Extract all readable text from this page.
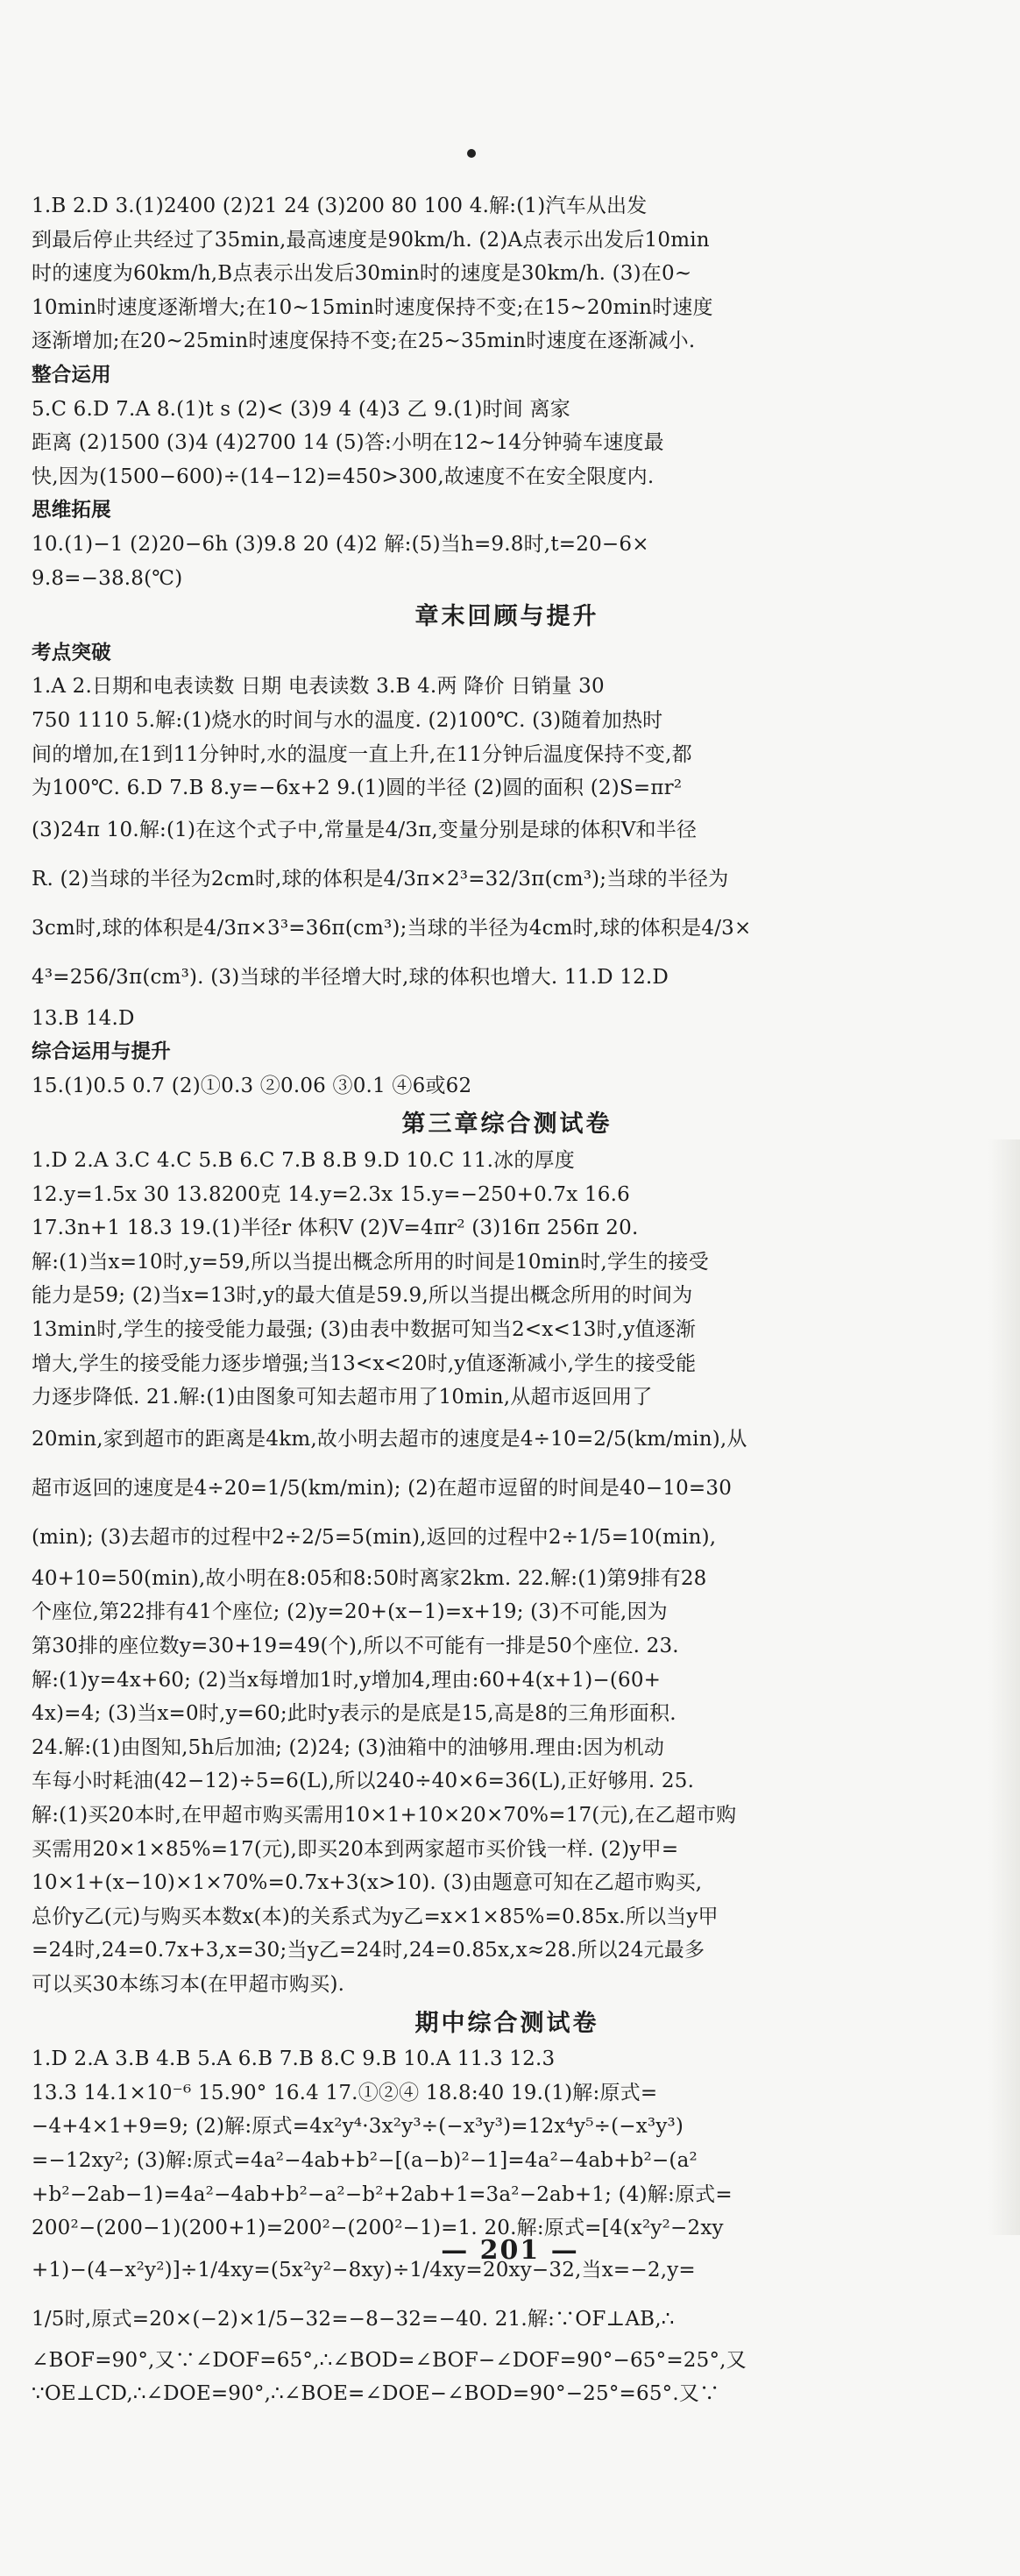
1.B 2.D 3.(1)2400 (2)21 24 (3)200 80 100 4.解:(1)汽车从出发
到最后停止共经过了35min,最高速度是90km/h. (2)A点表示出发后10min
时的速度为60km/h,B点表示出发后30min时的速度是30km/h. (3)在0~
10min时速度逐渐增大;在10~15min时速度保持不变;在15~20min时速度
逐渐增加;在20~25min时速度保持不变;在25~35min时速度在逐渐减小.
整合运用
5.C 6.D 7.A 8.(1)t s (2)< (3)9 4 (4)3 乙 9.(1)时间 离家
距离 (2)1500 (3)4 (4)2700 14 (5)答:小明在12~14分钟骑车速度最
快,因为(1500−600)÷(14−12)=450>300,故速度不在安全限度内.
思维拓展
10.(1)−1 (2)20−6h (3)9.8 20 (4)2 解:(5)当h=9.8时,t=20−6×
9.8=−38.8(℃)
章末回顾与提升
考点突破
1.A 2.日期和电表读数 日期 电表读数 3.B 4.两 降价 日销量 30
750 1110 5.解:(1)烧水的时间与水的温度. (2)100℃. (3)随着加热时
间的增加,在1到11分钟时,水的温度一直上升,在11分钟后温度保持不变,都
为100℃. 6.D 7.B 8.y=−6x+2 9.(1)圆的半径 (2)圆的面积 (2)S=πr²
(3)24π 10.解:(1)在这个式子中,常量是4/3π,变量分别是球的体积V和半径
R. (2)当球的半径为2cm时,球的体积是4/3π×2³=32/3π(cm³);当球的半径为
3cm时,球的体积是4/3π×3³=36π(cm³);当球的半径为4cm时,球的体积是4/3×
4³=256/3π(cm³). (3)当球的半径增大时,球的体积也增大. 11.D 12.D
13.B 14.D
综合运用与提升
15.(1)0.5 0.7 (2)①0.3 ②0.06 ③0.1 ④6或62
第三章综合测试卷
1.D 2.A 3.C 4.C 5.B 6.C 7.B 8.B 9.D 10.C 11.冰的厚度
12.y=1.5x 30 13.8200克 14.y=2.3x 15.y=−250+0.7x 16.6
17.3n+1 18.3 19.(1)半径r 体积V (2)V=4πr² (3)16π 256π 20.
解:(1)当x=10时,y=59,所以当提出概念所用的时间是10min时,学生的接受
能力是59; (2)当x=13时,y的最大值是59.9,所以当提出概念所用的时间为
13min时,学生的接受能力最强; (3)由表中数据可知当2<x<13时,y值逐渐
增大,学生的接受能力逐步增强;当13<x<20时,y值逐渐减小,学生的接受能
力逐步降低. 21.解:(1)由图象可知去超市用了10min,从超市返回用了
20min,家到超市的距离是4km,故小明去超市的速度是4÷10=2/5(km/min),从
超市返回的速度是4÷20=1/5(km/min); (2)在超市逗留的时间是40−10=30
(min); (3)去超市的过程中2÷2/5=5(min),返回的过程中2÷1/5=10(min),
40+10=50(min),故小明在8:05和8:50时离家2km. 22.解:(1)第9排有28
个座位,第22排有41个座位; (2)y=20+(x−1)=x+19; (3)不可能,因为
第30排的座位数y=30+19=49(个),所以不可能有一排是50个座位. 23.
解:(1)y=4x+60; (2)当x每增加1时,y增加4,理由:60+4(x+1)−(60+
4x)=4; (3)当x=0时,y=60;此时y表示的是底是15,高是8的三角形面积.
24.解:(1)由图知,5h后加油; (2)24; (3)油箱中的油够用.理由:因为机动
车每小时耗油(42−12)÷5=6(L),所以240÷40×6=36(L),正好够用. 25.
解:(1)买20本时,在甲超市购买需用10×1+10×20×70%=17(元),在乙超市购
买需用20×1×85%=17(元),即买20本到两家超市买价钱一样. (2)y甲=
10×1+(x−10)×1×70%=0.7x+3(x>10). (3)由题意可知在乙超市购买,
总价y乙(元)与购买本数x(本)的关系式为y乙=x×1×85%=0.85x.所以当y甲
=24时,24=0.7x+3,x=30;当y乙=24时,24=0.85x,x≈28.所以24元最多
可以买30本练习本(在甲超市购买).
期中综合测试卷
1.D 2.A 3.B 4.B 5.A 6.B 7.B 8.C 9.B 10.A 11.3 12.3
13.3 14.1×10⁻⁶ 15.90° 16.4 17.①②④ 18.8:40 19.(1)解:原式=
−4+4×1+9=9; (2)解:原式=4x²y⁴·3x²y³÷(−x³y³)=12x⁴y⁵÷(−x³y³)
=−12xy²; (3)解:原式=4a²−4ab+b²−[(a−b)²−1]=4a²−4ab+b²−(a²
+b²−2ab−1)=4a²−4ab+b²−a²−b²+2ab+1=3a²−2ab+1; (4)解:原式=
200²−(200−1)(200+1)=200²−(200²−1)=1. 20.解:原式=[4(x²y²−2xy
+1)−(4−x²y²)]÷1/4xy=(5x²y²−8xy)÷1/4xy=20xy−32,当x=−2,y=
1/5时,原式=20×(−2)×1/5−32=−8−32=−40. 21.解:∵OF⊥AB,∴
∠BOF=90°,又∵∠DOF=65°,∴∠BOD=∠BOF−∠DOF=90°−65°=25°,又
∵OE⊥CD,∴∠DOE=90°,∴∠BOE=∠DOE−∠BOD=90°−25°=65°.又∵
— 201 —
